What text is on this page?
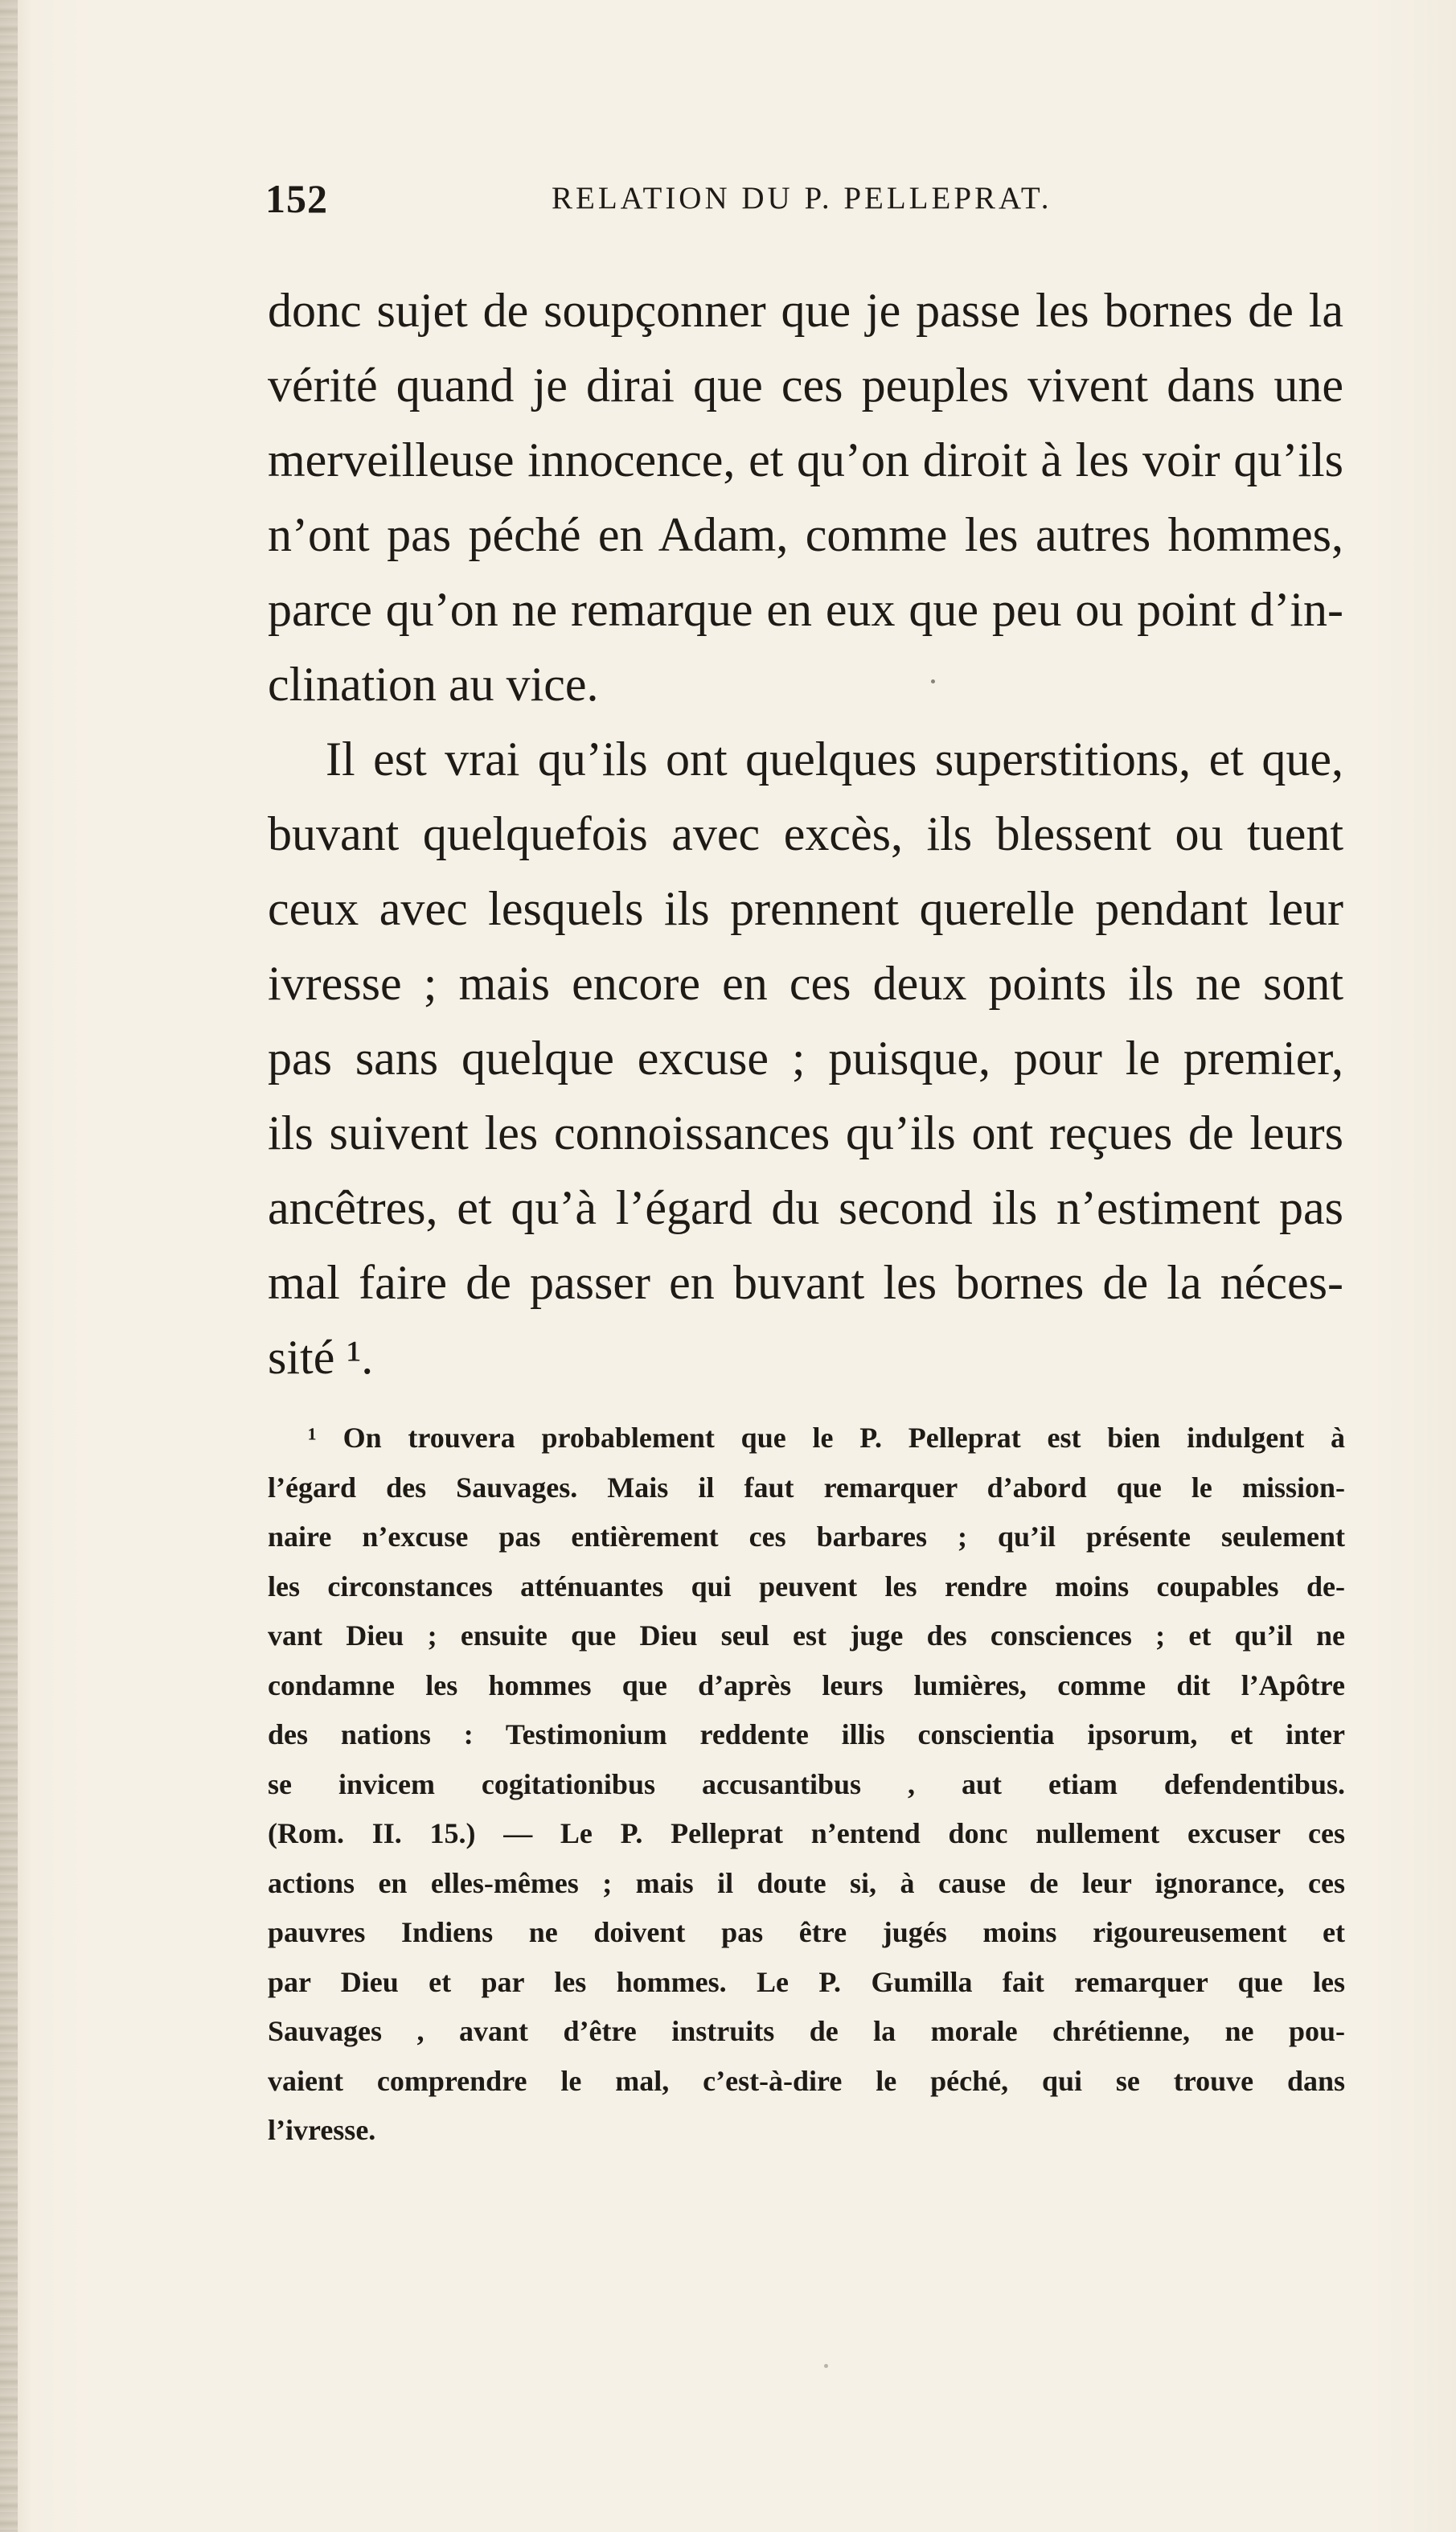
152	RELATION DU P. PELLEPRAT.
donc sujet de soupçonner que je passe les bornes de la
vérité quand je dirai que ces peuples vivent dans une
merveilleuse innocence, et qu’on diroit à les voir qu’ils
n’ont pas péché en Adam, comme les autres hommes,
parce qu’on ne remarque en eux que peu ou point d’in-
clination au vice.
Il est vrai qu’ils ont quelques superstitions, et que,
buvant quelquefois avec excès, ils blessent ou tuent
ceux avec lesquels ils prennent querelle pendant leur
ivresse ; mais encore en ces deux points ils ne sont
pas sans quelque excuse ; puisque, pour le premier,
ils suivent les connoissances qu’ils ont reçues de leurs
ancêtres, et qu’à l’égard du second ils n’estiment pas
mal faire de passer en buvant les bornes de la néces-
sité ¹.
¹ On trouvera probablement que le P. Pelleprat est bien indulgent à
l’égard des Sauvages. Mais il faut remarquer d’abord que le mission-
naire n’excuse pas entièrement ces barbares ; qu’il présente seulement
les circonstances atténuantes qui peuvent les rendre moins coupables de-
vant Dieu ; ensuite que Dieu seul est juge des consciences ; et qu’il ne
condamne les hommes que d’après leurs lumières, comme dit l’Apôtre
des nations : Testimonium reddente illis conscientia ipsorum, et inter
se invicem cogitationibus accusantibus , aut etiam defendentibus.
(Rom. II. 15.) — Le P. Pelleprat n’entend donc nullement excuser ces
actions en elles-mêmes ; mais il doute si, à cause de leur ignorance, ces
pauvres Indiens ne doivent pas être jugés moins rigoureusement et
par Dieu et par les hommes. Le P. Gumilla fait remarquer que les
Sauvages , avant d’être instruits de la morale chrétienne, ne pou-
vaient comprendre le mal, c’est-à-dire le péché, qui se trouve dans
l’ivresse.
